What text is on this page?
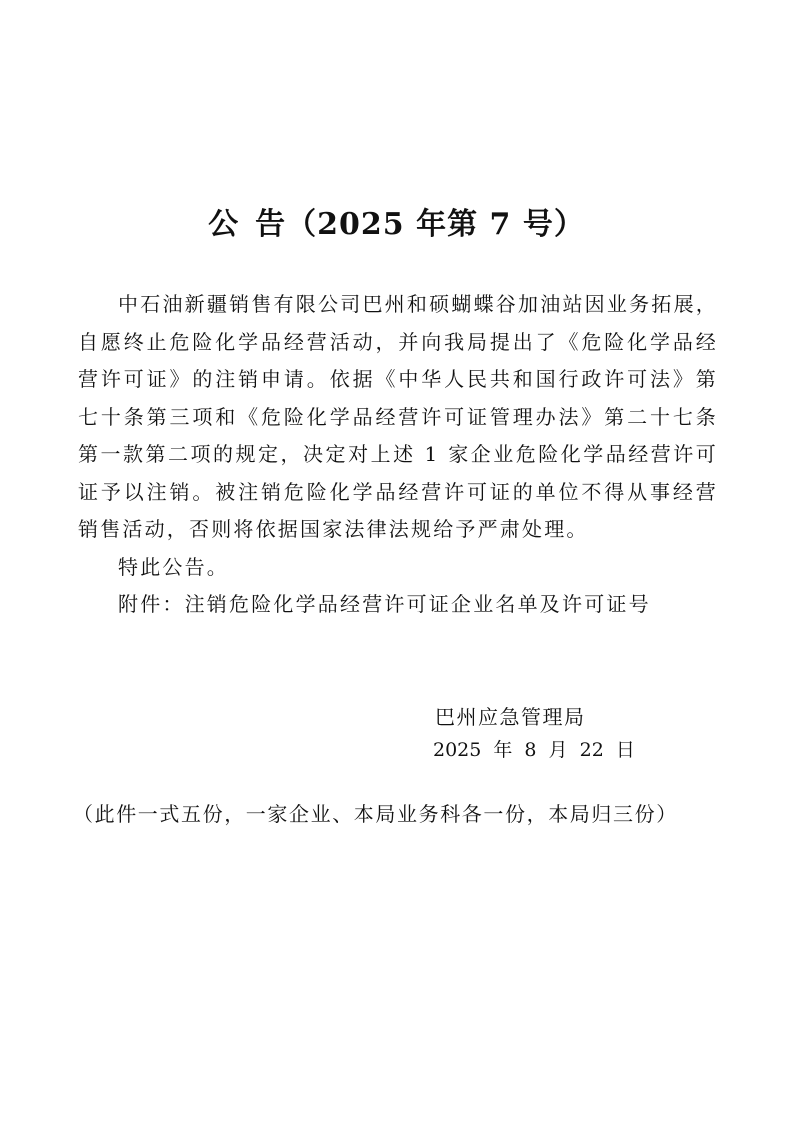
公 告（2025 年第 7 号）

中石油新疆销售有限公司巴州和硕蝴蝶谷加油站因业务拓展，自愿终止危险化学品经营活动，并向我局提出了《危险化学品经营许可证》的注销申请。依据《中华人民共和国行政许可法》第七十条第三项和《危险化学品经营许可证管理办法》第二十七条第一款第二项的规定，决定对上述 1 家企业危险化学品经营许可证予以注销。被注销危险化学品经营许可证的单位不得从事经营销售活动，否则将依据国家法律法规给予严肃处理。

特此公告。

附件：注销危险化学品经营许可证企业名单及许可证号

巴州应急管理局
2025 年 8 月 22 日
（此件一式五份，一家企业、本局业务科各一份，本局归三份）
